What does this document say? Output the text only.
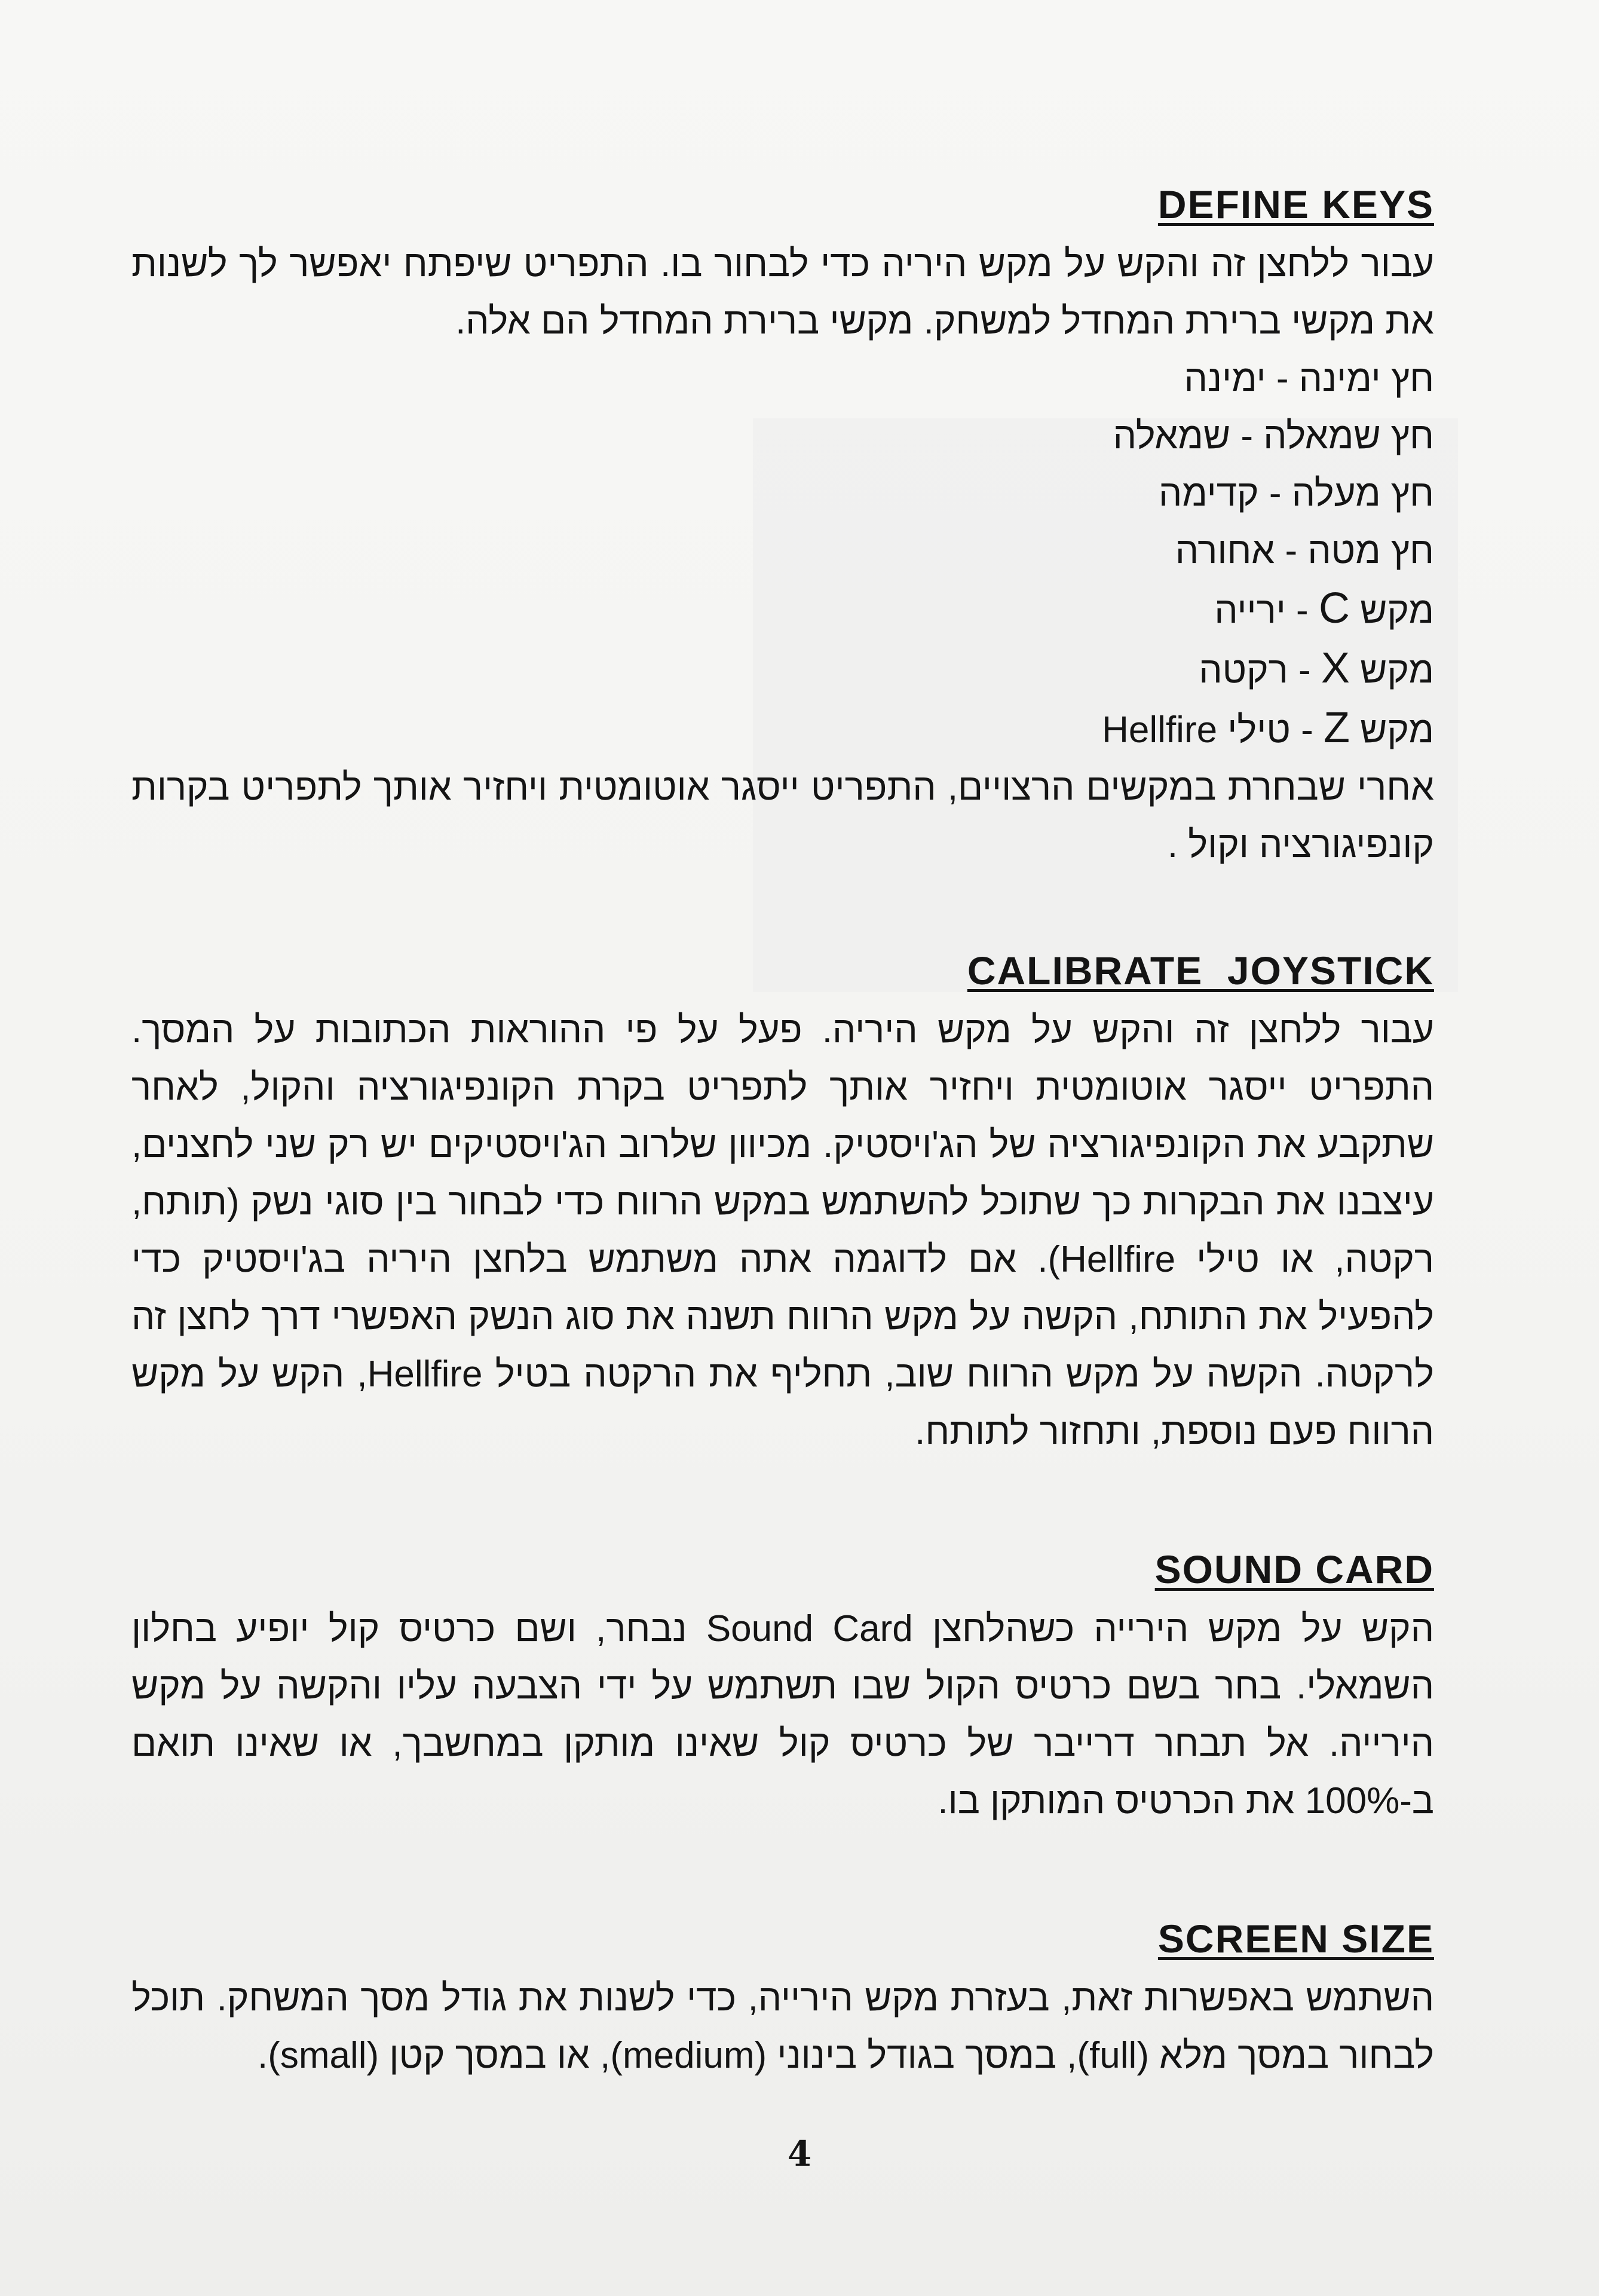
DEFINE KEYS

עבור ללחצן זה והקש על מקש היריה כדי לבחור בו. התפריט שיפתח יאפשר לך לשנות את מקשי ברירת המחדל למשחק. מקשי ברירת המחדל הם אלה.

חץ ימינה - ימינה
חץ שמאלה - שמאלה
חץ מעלה - קדימה
חץ מטה - אחורה
מקש C - ירייה
מקש X - רקטה
מקש Z - טילי Hellfire

אחרי שבחרת במקשים הרצויים, התפריט ייסגר אוטומטית ויחזיר אותך לתפריט בקרות קונפיגורציה וקול .

CALIBRATE  JOYSTICK

עבור ללחצן זה והקש על מקש היריה. פעל על פי ההוראות הכתובות על המסך. התפריט ייסגר אוטומטית ויחזיר אותך לתפריט בקרת הקונפיגורציה והקול, לאחר שתקבע את הקונפיגורציה של הג'ויסטיק. מכיוון שלרוב הג'ויסטיקים יש רק שני לחצנים, עיצבנו את הבקרות כך שתוכל להשתמש במקש הרווח כדי לבחור בין סוגי נשק (תותח, רקטה, או טילי Hellfire). אם לדוגמה אתה משתמש בלחצן היריה בג'ויסטיק כדי להפעיל את התותח, הקשה על מקש הרווח תשנה את סוג הנשק האפשרי דרך לחצן זה לרקטה. הקשה על מקש הרווח שוב, תחליף את הרקטה בטיל Hellfire, הקש על מקש הרווח פעם נוספת, ותחזור לתותח.

SOUND CARD

הקש על מקש הירייה כשהלחצן Sound Card נבחר, ושם כרטיס קול יופיע בחלון השמאלי. בחר בשם כרטיס הקול שבו תשתמש על ידי הצבעה עליו והקשה על מקש הירייה. אל תבחר דרייבר של כרטיס קול שאינו מותקן במחשבך, או שאינו תואם ב-100% את הכרטיס המותקן בו.

SCREEN SIZE

השתמש באפשרות זאת, בעזרת מקש הירייה, כדי לשנות את גודל מסך המשחק. תוכל לבחור במסך מלא (full), במסך בגודל בינוני (medium), או במסך קטן (small).

4
